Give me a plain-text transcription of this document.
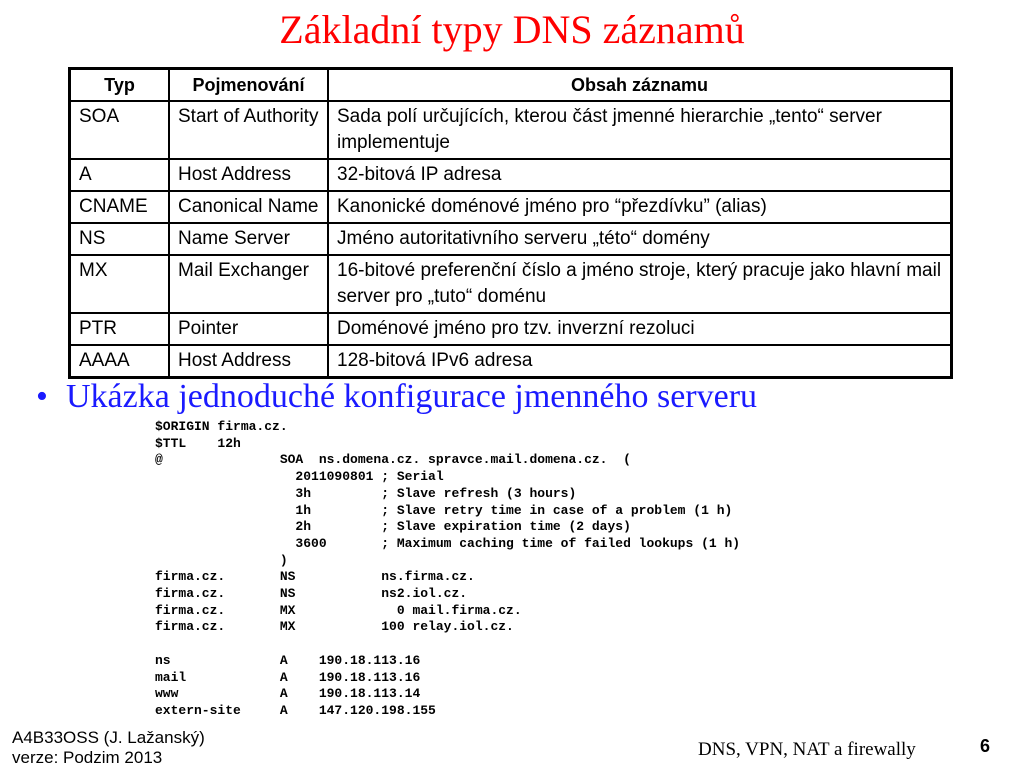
Základní typy DNS záznamů
Typ	Pojmenování	Obsah záznamu
SOA	Start of Authority	Sada polí určujících, kterou část jmenné hierarchie „tento“ server implementuje
A	Host Address	32-bitová IP adresa
CNAME	Canonical Name	Kanonické doménové jméno pro “přezdívku” (alias)
NS	Name Server	Jméno autoritativního serveru „této“ domény
MX	Mail Exchanger	16-bitové preferenční číslo a jméno stroje, který pracuje jako hlavní mail server pro „tuto“ doménu
PTR	Pointer	Doménové jméno pro tzv. inverzní rezoluci
AAAA	Host Address	128-bitová IPv6 adresa
• Ukázka jednoduché konfigurace jmenného serveru
$ORIGIN firma.cz.
$TTL    12h
@               SOA  ns.domena.cz. spravce.mail.domena.cz.  (
2011090801 ; Serial
3h         ; Slave refresh (3 hours)
1h         ; Slave retry time in case of a problem (1 h)
2h         ; Slave expiration time (2 days)
3600       ; Maximum caching time of failed lookups (1 h)
)
firma.cz.       NS           ns.firma.cz.
firma.cz.       NS           ns2.iol.cz.
firma.cz.       MX             0 mail.firma.cz.
firma.cz.       MX           100 relay.iol.cz.

ns              A    190.18.113.16
mail            A    190.18.113.16
www             A    190.18.113.14
extern-site     A    147.120.198.155

A4B33OSS (J. Lažanský)
verze: Podzim 2013	DNS, VPN, NAT a firewally	6
